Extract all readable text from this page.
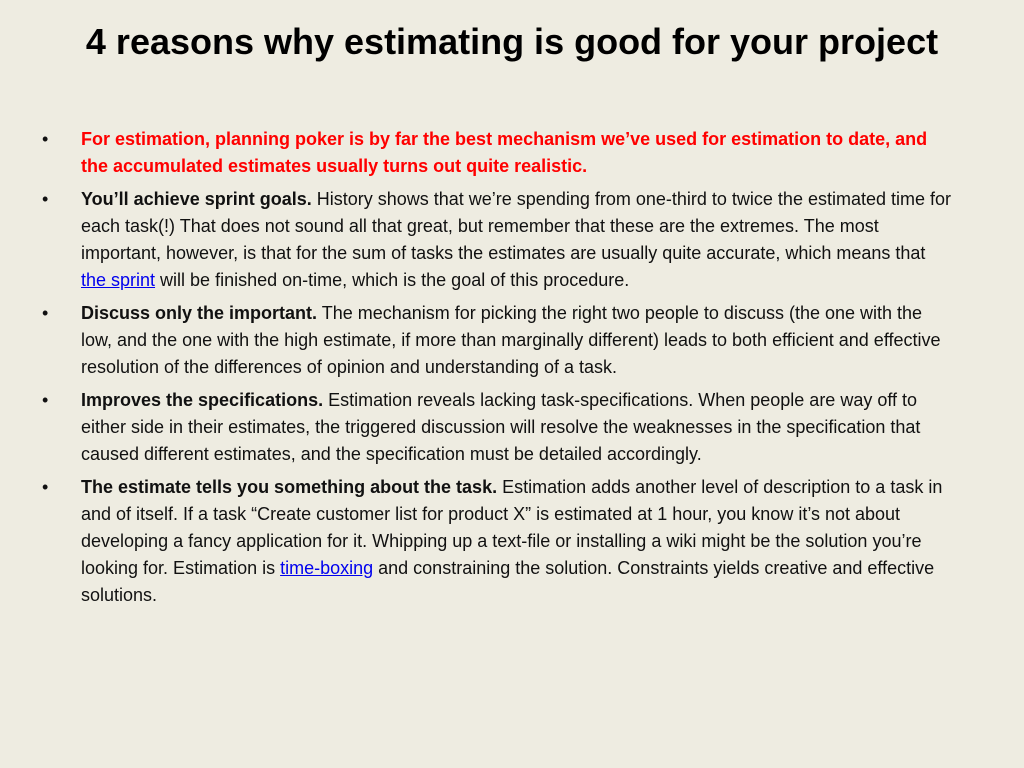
4 reasons why estimating is good for your project
• For estimation, planning poker is by far the best mechanism we’ve used for estimation to date, and the accumulated estimates usually turns out quite realistic.
• You’ll achieve sprint goals. History shows that we’re spending from one-third to twice the estimated time for each task(!) That does not sound all that great, but remember that these are the extremes. The most important, however, is that for the sum of tasks the estimates are usually quite accurate, which means that the sprint will be finished on-time, which is the goal of this procedure.
• Discuss only the important. The mechanism for picking the right two people to discuss (the one with the low, and the one with the high estimate, if more than marginally different) leads to both efficient and effective resolution of the differences of opinion and understanding of a task.
• Improves the specifications. Estimation reveals lacking task-specifications. When people are way off to either side in their estimates, the triggered discussion will resolve the weaknesses in the specification that caused different estimates, and the specification must be detailed accordingly.
• The estimate tells you something about the task. Estimation adds another level of description to a task in and of itself. If a task “Create customer list for product X” is estimated at 1 hour, you know it’s not about developing a fancy application for it. Whipping up a text-file or installing a wiki might be the solution you’re looking for. Estimation is time-boxing and constraining the solution. Constraints yields creative and effective solutions.
